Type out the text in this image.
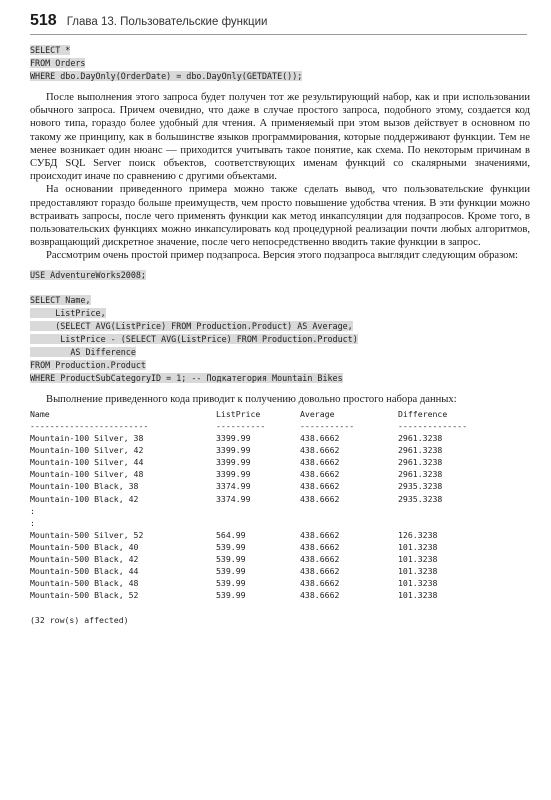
518 Глава 13. Пользовательские функции
SELECT *
FROM Orders
WHERE dbo.DayOnly(OrderDate) = dbo.DayOnly(GETDATE());

После выполнения этого запроса будет получен тот же результирующий набор, как и при использовании обычного запроса. Причем очевидно, что даже в случае простого запроса, подобного этому, создается код нового типа, гораздо более удобный для чтения. А применяемый при этом вызов действует в основном по такому же принципу, как в большинстве языков программирования, которые поддерживают функции. Тем не менее возникает один нюанс — приходится учитывать такое понятие, как схема. По некоторым причинам в СУБД SQL Server поиск объектов, соответствующих именам функций со скалярными значениями, происходит иначе по сравнению с другими объектами.

На основании приведенного примера можно также сделать вывод, что пользовательские функции предоставляют гораздо больше преимуществ, чем просто повышение удобства чтения. В эти функции можно встраивать запросы, после чего применять функции как метод инкапсуляции для подзапросов. Кроме того, в пользовательских функциях можно инкапсулировать код процедурной реализации почти любых алгоритмов, возвращающий дискретное значение, после чего непосредственно вводить такие функции в запрос.

Рассмотрим очень простой пример подзапроса. Версия этого подзапроса выглядит следующим образом:

USE AdventureWorks2008;
SELECT Name,
ListPrice,
(SELECT AVG(ListPrice) FROM Production.Product) AS Average,
ListPrice - (SELECT AVG(ListPrice) FROM Production.Product)
AS Difference
FROM Production.Product
WHERE ProductSubCategoryID = 1; -- Подкатегория Mountain Bikes

Выполнение приведенного кода приводит к получению довольно простого набора данных:

Name	ListPrice	Average	Difference
------------------------	----------	-----------	--------------
Mountain-100 Silver, 38	3399.99	438.6662	2961.3238
Mountain-100 Silver, 42	3399.99	438.6662	2961.3238
Mountain-100 Silver, 44	3399.99	438.6662	2961.3238
Mountain-100 Silver, 48	3399.99	438.6662	2961.3238
Mountain-100 Black, 38	3374.99	438.6662	2935.3238
Mountain-100 Black, 42	3374.99	438.6662	2935.3238
:			
:			
Mountain-500 Silver, 52	564.99	438.6662	126.3238
Mountain-500 Black, 40	539.99	438.6662	101.3238
Mountain-500 Black, 42	539.99	438.6662	101.3238
Mountain-500 Black, 44	539.99	438.6662	101.3238
Mountain-500 Black, 48	539.99	438.6662	101.3238
Mountain-500 Black, 52	539.99	438.6662	101.3238
(32 row(s) affected)
